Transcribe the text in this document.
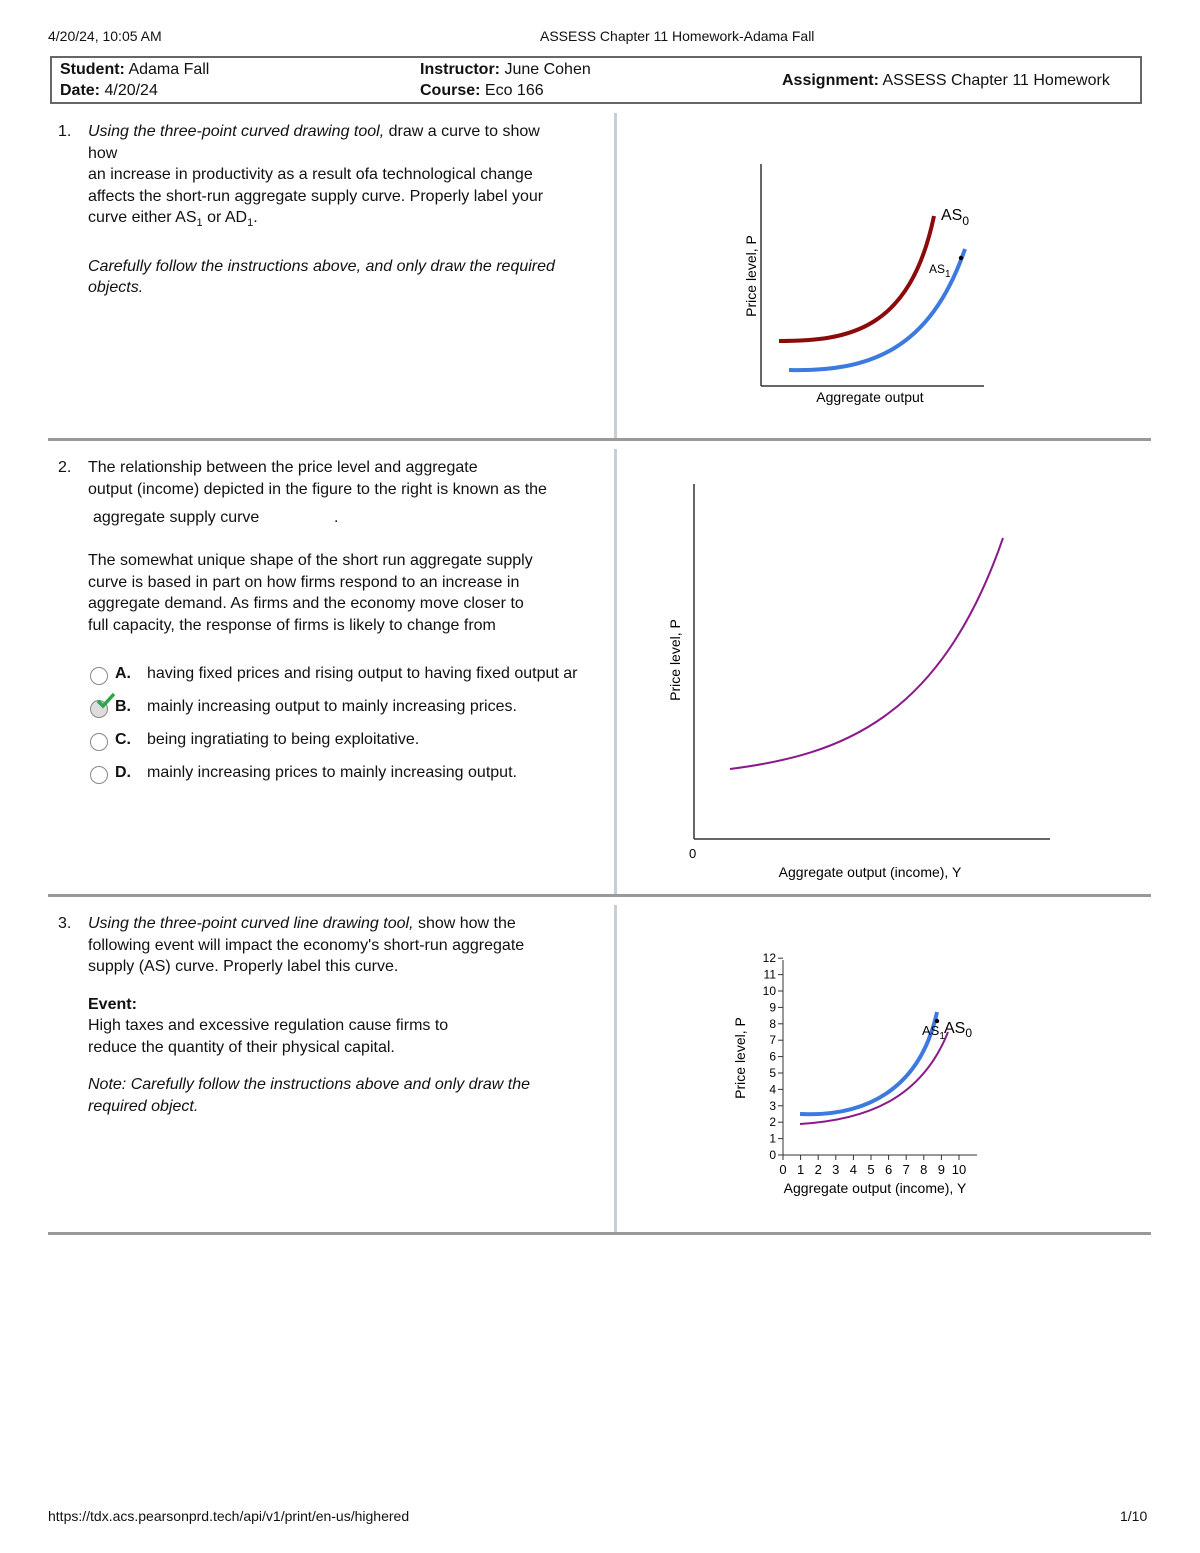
4/20/24, 10:05 AM	ASSESS Chapter 11 Homework-Adama Fall
Student: Adama Fall
Date: 4/20/24
Instructor: June Cohen
Course: Eco 166
Assignment: ASSESS Chapter 11 Homework
1. Using the three-point curved drawing tool, draw a curve to show
how
an increase in productivity as a result ofa technological change
affects the short-run aggregate supply curve. Properly label your
curve either $AS_1$ or $AD_1$.
Carefully follow the instructions above, and only draw the required objects.	Price level, P
Aggregate output
$AS_0$
$AS_1$
2. The relationship between the price level and aggregate
output (income) depicted in the figure to the right is known as the
aggregate supply curve	.
The somewhat unique shape of the short run aggregate supply
curve is based in part on how firms respond to an increase in
aggregate demand. As firms and the economy move closer to
full capacity, the response of firms is likely to change from
A. having fixed prices and rising output to having fixed output ar
B. mainly increasing output to mainly increasing prices.
C. being ingratiating to being exploitative.
D. mainly increasing prices to mainly increasing output.
Price level, P
0
Aggregate output (income), Y
3. Using the three-point curved line drawing tool, show how the
following event will impact the economy's short-run aggregate
supply (AS) curve. Properly label this curve.
Event:
High taxes and excessive regulation cause firms to
reduce the quantity of their physical capital.
Note: Carefully follow the instructions above and only draw the
required object.
0 1 2 3 4 5 6 7 8 9 10
0
1
2
3
4
5
6
7
8
9
10
11
12
Price level, P
Aggregate output (income), Y
$AS_1$ $AS_0$
https://tdx.acs.pearsonprd.tech/api/v1/print/en-us/highered	1/10
